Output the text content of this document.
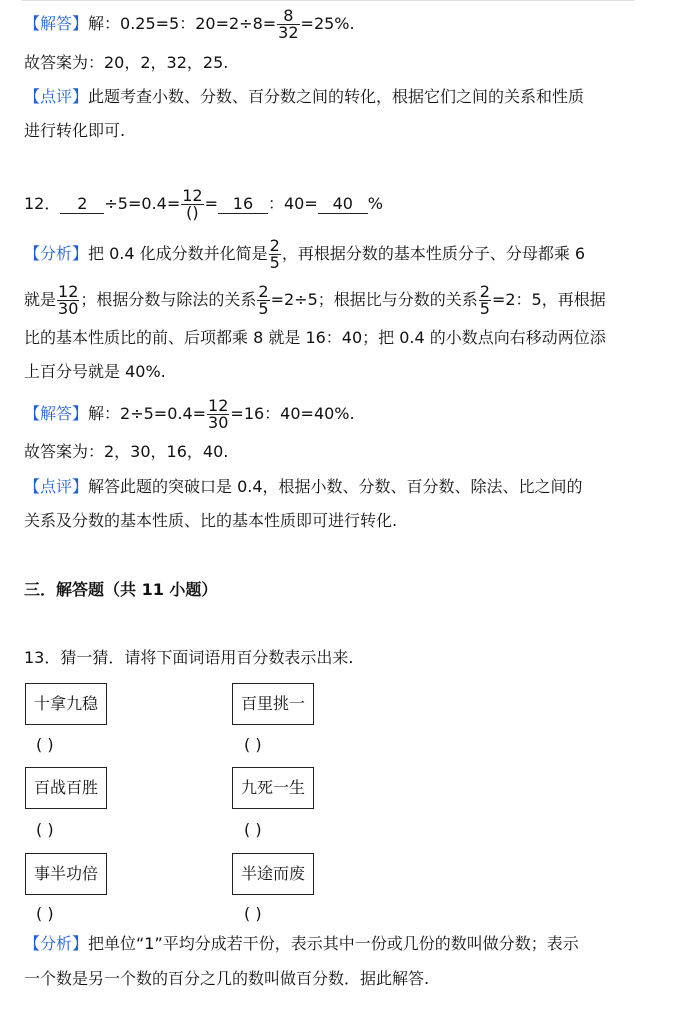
【解答】解：0.25=5：$20=2\div 8= \frac{8}{32} =25\%$.
故答案为：20，2，32，25.
【点评】此题考查小数、分数、百分数之间的转化，根据它们之间的关系和性质
进行转化即可.
12． $2 \div 5=0.4= \frac{12}{()} = 16$ ：40= 40 %
【分析】把 0.4 化成分数并化简是 $\frac{2}{5}$ ，再根据分数的基本性质分子、分母都乘 6
就是 $\frac{12}{30}$ ；根据分数与除法的关系 $\frac{2}{5} =2\div 5$；根据比与分数的关系 $\frac{2}{5} =2$：5，再根据
比的基本性质比的前、后项都乘 8 就是 16：40；把 0.4 的小数点向右移动两位添
上百分号就是 40%.
【解答】解：$2\div 5=0.4= \frac{12}{30} =16$：40=40%.
故答案为：2，30，16，40.
【点评】解答此题的突破口是 0.4，根据小数、分数、百分数、除法、比之间的
关系及分数的基本性质、比的基本性质即可进行转化.
三．解答题（共 11 小题）
13．猜一猜．请将下面词语用百分数表示出来.
十拿九稳	百里挑一
( )	( )
百战百胜	九死一生
( )	( )
事半功倍	半途而废
( )	( )
【分析】把单位“1”平均分成若干份，表示其中一份或几份的数叫做分数；表示
一个数是另一个数的百分之几的数叫做百分数．据此解答.
